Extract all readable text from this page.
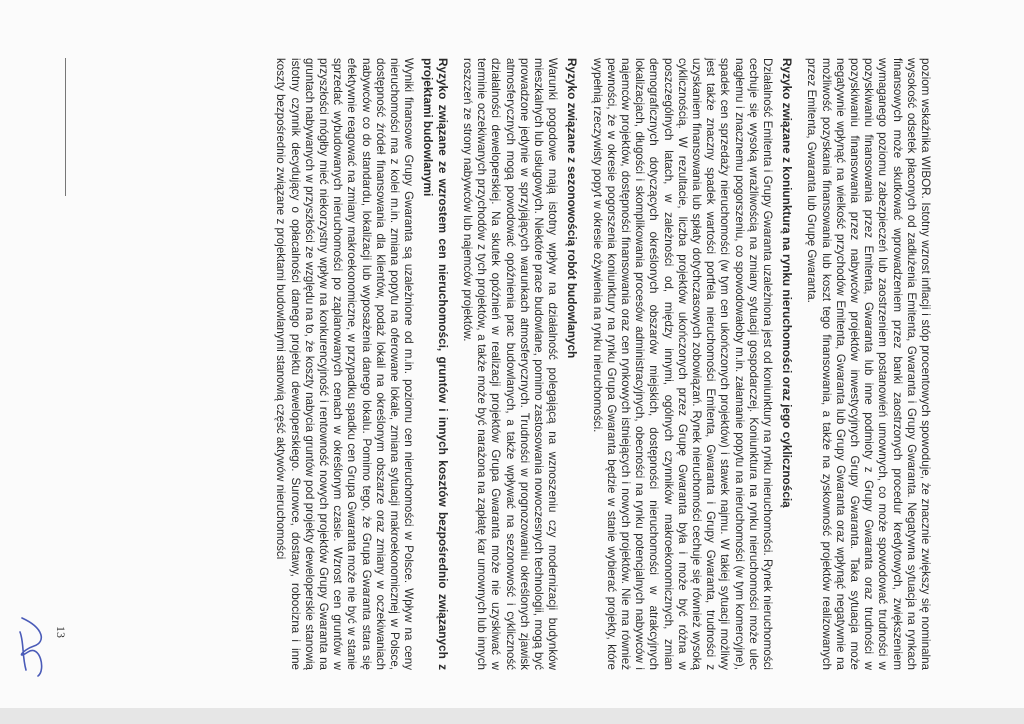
poziom wskaźnika WIBOR. Istotny wzrost inflacji i stóp procentowych spowoduje, że znacznie zwiększy się nominalna wysokość odsetek płaconych od zadłużenia Emitenta, Gwaranta i Grupy Gwaranta. Negatywna sytuacja na rynkach finansowych może skutkować wprowadzeniem przez banki zaostrzonych procedur kredytowych, zwiększeniem wymaganego poziomu zabezpieczeń lub zaostrzeniem postanowień umownych, co może spowodować trudności w pozyskiwaniu finansowania przez Emitenta, Gwaranta lub inne podmioty z Grupy Gwaranta oraz trudności w pozyskiwaniu finansowania przez nabywców projektów inwestycyjnych Grupy Gwaranta. Taka sytuacja może negatywnie wpłynąć na wielkość przychodów Emitenta, Gwaranta lub Grupy Gwaranta oraz wpłynąć negatywnie na możliwość pozyskania finansowania lub koszt tego finansowania, a także na zyskowność projektów realizowanych przez Emitenta, Gwaranta lub Grupę Gwaranta.

Ryzyko związane z koniunkturą na rynku nieruchomości oraz jego cyklicznością

Działalność Emitenta i Grupy Gwaranta uzależniona jest od koniunktury na rynku nieruchomości. Rynek nieruchomości cechuje się wysoką wrażliwością na zmiany sytuacji gospodarczej. Koniunktura na rynku nieruchomości może ulec nagłemu i znacznemu pogorszeniu, co spowodowałoby m.in. załamanie popytu na nieruchomości (w tym komercyjne), spadek cen sprzedaży nieruchomości (w tym cen ukończonych projektów) i stawek najmu. W takiej sytuacji możliwy jest także znaczny spadek wartości portfela nieruchomości Emitenta, Gwaranta i Grupy Gwaranta, trudności z uzyskaniem finansowania lub spłaty dotychczasowych zobowiązań. Rynek nieruchomości cechuje się również wysoką cyklicznością. W rezultacie, liczba projektów ukończonych przez Grupę Gwaranta była i może być różna w poszczególnych latach, w zależności od, między innymi, ogólnych czynników makroekonomicznych, zmian demograficznych dotyczących określonych obszarów miejskich, dostępności nieruchomości w atrakcyjnych lokalizacjach, długości i skomplikowania procesów administracyjnych, obecności na rynku potencjalnych nabywców i najemców projektów, dostępności finansowania oraz cen rynkowych istniejących i nowych projektów. Nie ma również pewności, że w okresie pogorszenia koniunktury na rynku Grupa Gwaranta będzie w stanie wybierać projekty, które wypełnią rzeczywisty popyt w okresie ożywienia na rynku nieruchomości.

Ryzyko związane z sezonowością robót budowlanych

Warunki pogodowe mają istotny wpływ na działalność polegającą na wznoszeniu czy modernizacji budynków mieszkalnych lub usługowych. Niektóre prace budowlane, pomimo zastosowania nowoczesnych technologii, mogą być prowadzone jedynie w sprzyjających warunkach atmosferycznych. Trudności w prognozowaniu określonych zjawisk atmosferycznych mogą powodować opóźnienia prac budowlanych, a także wpływać na sezonowość i cykliczność działalności deweloperskiej. Na skutek opóźnień w realizacji projektów Grupa Gwaranta może nie uzyskiwać w terminie oczekiwanych przychodów z tych projektów, a także może być narażona na zapłatę kar umownych lub innych roszczeń ze strony nabywców lub najemców projektów.

Ryzyko związane ze wzrostem cen nieruchomości, gruntów i innych kosztów bezpośrednio związanych z projektami budowlanymi

Wyniki finansowe Grupy Gwaranta są uzależnione od m.in. poziomu cen nieruchomości w Polsce. Wpływ na ceny nieruchomości ma z kolei m.in. zmiana popytu na oferowane lokale, zmiana sytuacji makroekonomicznej w Polsce, dostępność źródeł finansowania dla klientów, podaż lokali na określonym obszarze oraz zmiany w oczekiwaniach nabywców co do standardu, lokalizacji lub wyposażenia danego lokalu. Pomimo tego, że Grupa Gwaranta stara się efektywnie reagować na zmiany makroekonomiczne, w przypadku spadku cen Grupa Gwaranta może nie być w stanie sprzedać wybudowanych nieruchomości po zaplanowanych cenach w określonym czasie. Wzrost cen gruntów w przyszłości mógłby mieć niekorzystny wpływ na konkurencyjność i rentowność nowych projektów Grupy Gwaranta na gruntach nabywanych w przyszłości ze względu na to, że koszty nabycia gruntów pod projekty deweloperskie stanowią istotny czynnik decydujący o opłacalności danego projektu deweloperskiego. Surowce, dostawy, robocizna i inne koszty bezpośrednio związane z projektami budowlanymi stanowią część aktywów nieruchomości

13
